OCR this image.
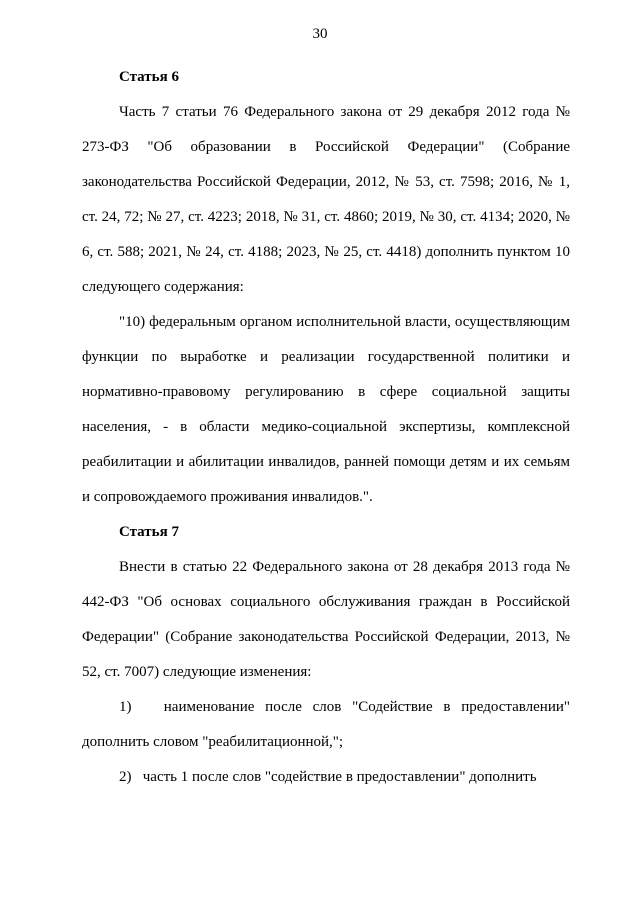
30
Статья 6

Часть 7 статьи 76 Федерального закона от 29 декабря 2012 года № 273-ФЗ "Об образовании в Российской Федерации" (Собрание законодательства Российской Федерации, 2012, № 53, ст. 7598; 2016, № 1, ст. 24, 72; № 27, ст. 4223; 2018, № 31, ст. 4860; 2019, № 30, ст. 4134; 2020, № 6, ст. 588; 2021, № 24, ст. 4188; 2023, № 25, ст. 4418) дополнить пунктом 10 следующего содержания:

"10) федеральным органом исполнительной власти, осуществляющим функции по выработке и реализации государственной политики и нормативно-правовому регулированию в сфере социальной защиты населения, - в области медико-социальной экспертизы, комплексной реабилитации и абилитации инвалидов, ранней помощи детям и их семьям и сопровождаемого проживания инвалидов.".

Статья 7

Внести в статью 22 Федерального закона от 28 декабря 2013 года № 442-ФЗ "Об основах социального обслуживания граждан в Российской Федерации" (Собрание законодательства Российской Федерации, 2013, № 52, ст. 7007) следующие изменения:

1)   наименование после слов "Содействие в предоставлении" дополнить словом "реабилитационной,";

2)   часть 1 после слов "содействие в предоставлении" дополнить
